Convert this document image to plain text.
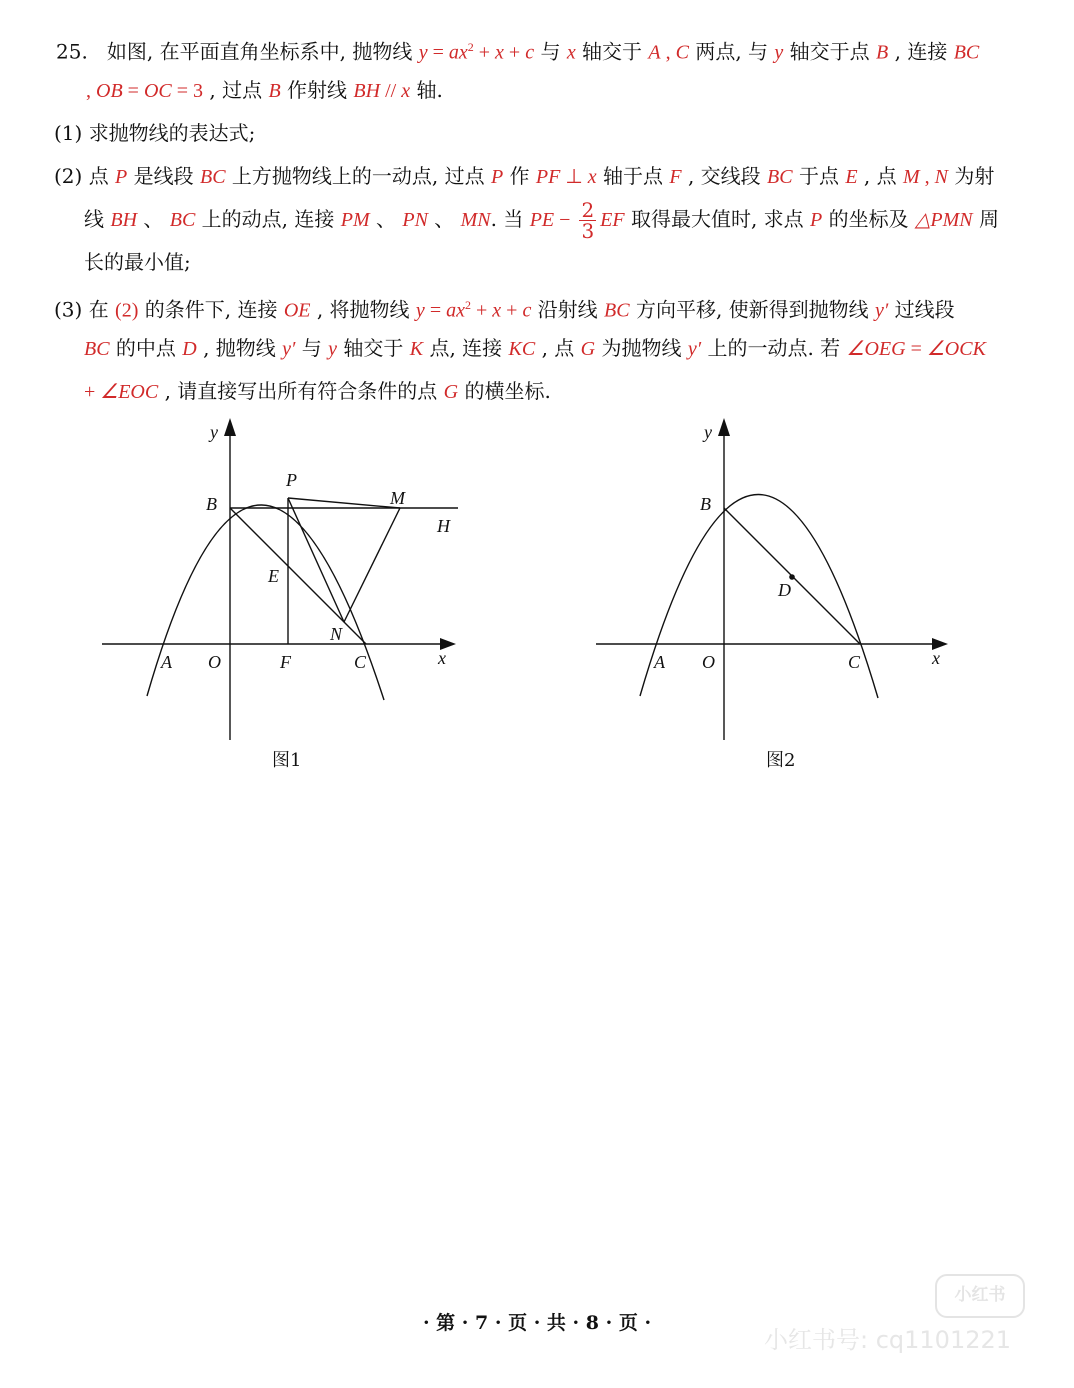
25. 如图, 在平面直角坐标系中, 抛物线 $y = ax^2 + x + c$ 与 x 轴交于 A , C 两点, 与 y 轴交于点 B , 连接 BC
, OB = OC = 3 , 过点 B 作射线 BH // x 轴.
(1) 求抛物线的表达式;
(2) 点 P 是线段 BC 上方抛物线上的一动点, 过点 P 作 PF ⊥ x 轴于点 F , 交线段 BC 于点 E , 点 M , N 为射
线 BH 、 BC 上的动点, 连接 PM 、 PN 、 MN. 当 PE − $\frac{2}{3}$ EF 取得最大值时, 求点 P 的坐标及 △PMN 周
长的最小值;
(3) 在 (2) 的条件下, 连接 OE , 将抛物线 $y = ax^2 + x + c$ 沿射线 BC 方向平移, 使新得到抛物线 y′ 过线段
BC 的中点 D , 抛物线 y′ 与 y 轴交于 K 点, 连接 KC , 点 G 为抛物线 y′ 上的一动点. 若 ∠OEG = ∠OCK
+ ∠EOC , 请直接写出所有符合条件的点 G 的横坐标.
y
B
P
M
H
E
N
A O	F	C	x
y
B
D
A O	C	x
图1	图2
· 第 · 7 · 页 · 共 · 8 · 页 ·
小红书
小红书号: cq1101221
